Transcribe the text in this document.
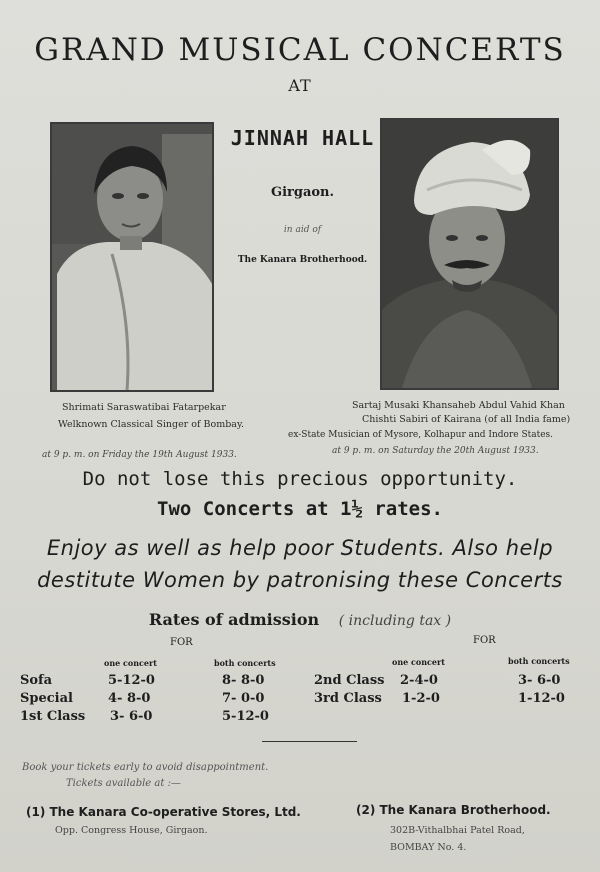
GRAND MUSICAL CONCERTS
AT
JINNAH HALL
Girgaon.
in aid of
The Kanara Brotherhood.
Shrimati Saraswatibai Fatarpekar
Welknown Classical Singer of Bombay.
at 9 p. m. on Friday the 19th August 1933.
Sartaj Musaki Khansaheb Abdul Vahid Khan
Chishti Sabiri of Kairana (of all India fame)
ex-State Musician of Mysore, Kolhapur and Indore States.
at 9 p. m. on Saturday the 20th August 1933.
Do not lose this precious opportunity.
Two Concerts at 1½ rates.
Enjoy as well as help poor Students. Also help
destitute Women by patronising these Concerts
Rates of admission ( including tax )
FOR	FOR
one concert	both concerts	one concert	both concerts
Sofa	5-12-0	8- 8-0
Special	4- 8-0	7- 0-0
1st Class 3- 6-0	5-12-0
2nd Class 2-4-0	3- 6-0
3rd Class 1-2-0	1-12-0
Book your tickets early to avoid disappointment.
Tickets available at :—
(1) The Kanara Co-operative Stores, Ltd.
Opp. Congress House, Girgaon.
(2) The Kanara Brotherhood.
302B-Vithalbhai Patel Road,
BOMBAY No. 4.
